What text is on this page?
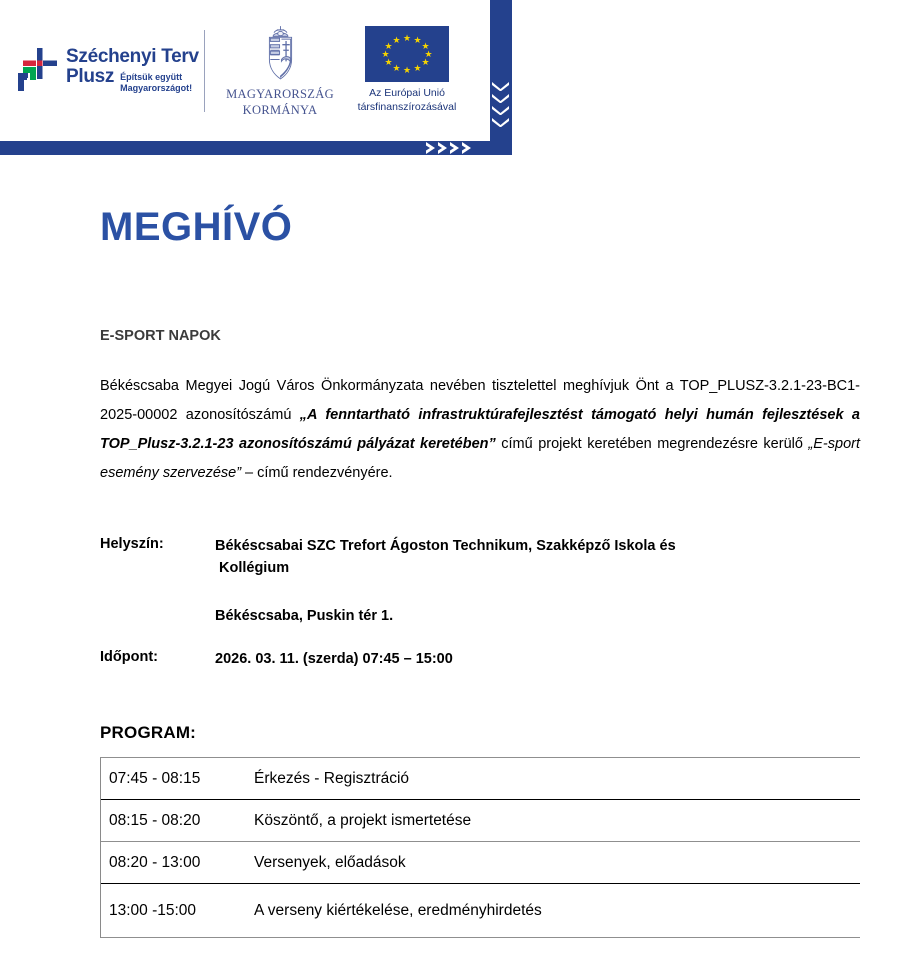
Széchenyi Terv
Plusz Építsük együtt
Magyarországot!	MAGYARORSZÁG
KORMÁNYA
★ ★
★
★
★
★
★
★
★
★
★
★
Az Európai Unió
társfinanszírozásával
MEGHÍVÓ
E-SPORT NAPOK
Békéscsaba Megyei Jogú Város Önkormányzata nevében tisztelettel meghívjuk Önt a TOP_PLUSZ-3.2.1-23-BC1-2025-00002 azonosítószámú „A fenntartható infrastruktúrafejlesztést támogató helyi humán fejlesztések a TOP_Plusz-3.2.1-23 azonosítószámú pályázat keretében” című projekt keretében megrendezésre kerülő „E-sport esemény szervezése” – című rendezvényére.
Helyszín:	Békéscsabai SZC Trefort Ágoston Technikum, Szakképző Iskola és
Kollégium
Békéscsaba, Puskin tér 1.
Időpont:	2026. 03. 11. (szerda) 07:45 – 15:00
PROGRAM:
07:45 - 08:15	Érkezés - Regisztráció
08:15 - 08:20	Köszöntő, a projekt ismertetése
08:20 - 13:00	Versenyek, előadások
13:00 -15:00	A verseny kiértékelése, eredményhirdetés
